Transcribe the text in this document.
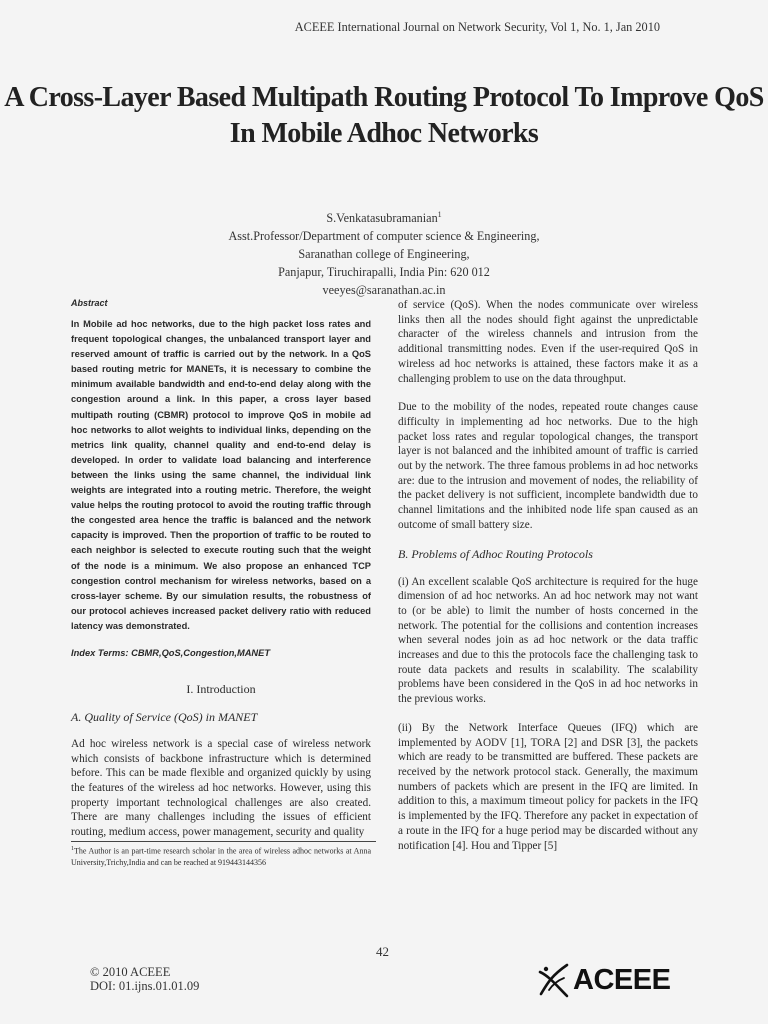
ACEEE International Journal on Network Security, Vol 1, No. 1, Jan 2010
A Cross-Layer Based Multipath Routing Protocol To Improve QoS In Mobile Adhoc Networks
S.Venkatasubramanian$^1$
Asst.Professor/Department of computer science & Engineering,
Saranathan college of Engineering,
Panjapur, Tiruchirapalli, India Pin: 620 012
veeyes@saranathan.ac.in

Abstract

In Mobile ad hoc networks, due to the high packet loss rates and frequent topological changes, the unbalanced transport layer and reserved amount of traffic is carried out by the network. In a QoS based routing metric for MANETs, it is necessary to combine the minimum available bandwidth and end-to-end delay along with the congestion around a link. In this paper, a cross layer based multipath routing (CBMR) protocol to improve QoS in mobile ad hoc networks to allot weights to individual links, depending on the metrics link quality, channel quality and end-to-end delay is developed. In order to validate load balancing and interference between the links using the same channel, the individual link weights are integrated into a routing metric. Therefore, the weight value helps the routing protocol to avoid the routing traffic through the congested area hence the traffic is balanced and the network capacity is improved. Then the proportion of traffic to be routed to each neighbor is selected to execute routing such that the weight of the node is a minimum. We also propose an enhanced TCP congestion control mechanism for wireless networks, based on a cross-layer scheme. By our simulation results, the robustness of our protocol achieves increased packet delivery ratio with reduced latency was demonstrated.

Index Terms: CBMR,QoS,Congestion,MANET

I. Introduction

A. Quality of Service (QoS) in MANET

Ad hoc wireless network is a special case of wireless network which consists of backbone infrastructure which is determined before. This can be made flexible and organized quickly by using the features of the wireless ad hoc networks. However, using this property important technological challenges are also created. There are many challenges including the issues of efficient routing, medium access, power management, security and quality

$^1$The Author is an part-time research scholar in the area of wireless adhoc networks at Anna University,Trichy,India and can be reached at 919443144356

of service (QoS). When the nodes communicate over wireless links then all the nodes should fight against the unpredictable character of the wireless channels and intrusion from the additional transmitting nodes. Even if the user-required QoS in wireless ad hoc networks is attained, these factors make it as a challenging problem to use on the data throughput.

Due to the mobility of the nodes, repeated route changes cause difficulty in implementing ad hoc networks. Due to the high packet loss rates and regular topological changes, the transport layer is not balanced and the inhibited amount of traffic is carried out by the network. The three famous problems in ad hoc networks are: due to the intrusion and movement of nodes, the reliability of the packet delivery is not sufficient, incomplete bandwidth due to channel limitations and the inhibited node life span caused as an outcome of small battery size.

B. Problems of Adhoc Routing Protocols

(i) An excellent scalable QoS architecture is required for the huge dimension of ad hoc networks. An ad hoc network may not want to (or be able) to limit the number of hosts concerned in the network. The potential for the collisions and contention increases when several nodes join as ad hoc network or the data traffic increases and due to this the protocols face the challenging task to route data packets and results in scalability. The scalability problems have been considered in the QoS in ad hoc networks in the previous works.

(ii) By the Network Interface Queues (IFQ) which are implemented by AODV [1], TORA [2] and DSR [3], the packets which are ready to be transmitted are buffered. These packets are received by the network protocol stack. Generally, the maximum numbers of packets which are present in the IFQ are limited. In addition to this, a maximum timeout policy for packets in the IFQ is implemented by the IFQ. Therefore any packet in expectation of a route in the IFQ for a huge period may be discarded without any notification [4]. Hou and Tipper [5]

42
© 2010 ACEEE
DOI: 01.ijns.01.01.09	ACEEE
